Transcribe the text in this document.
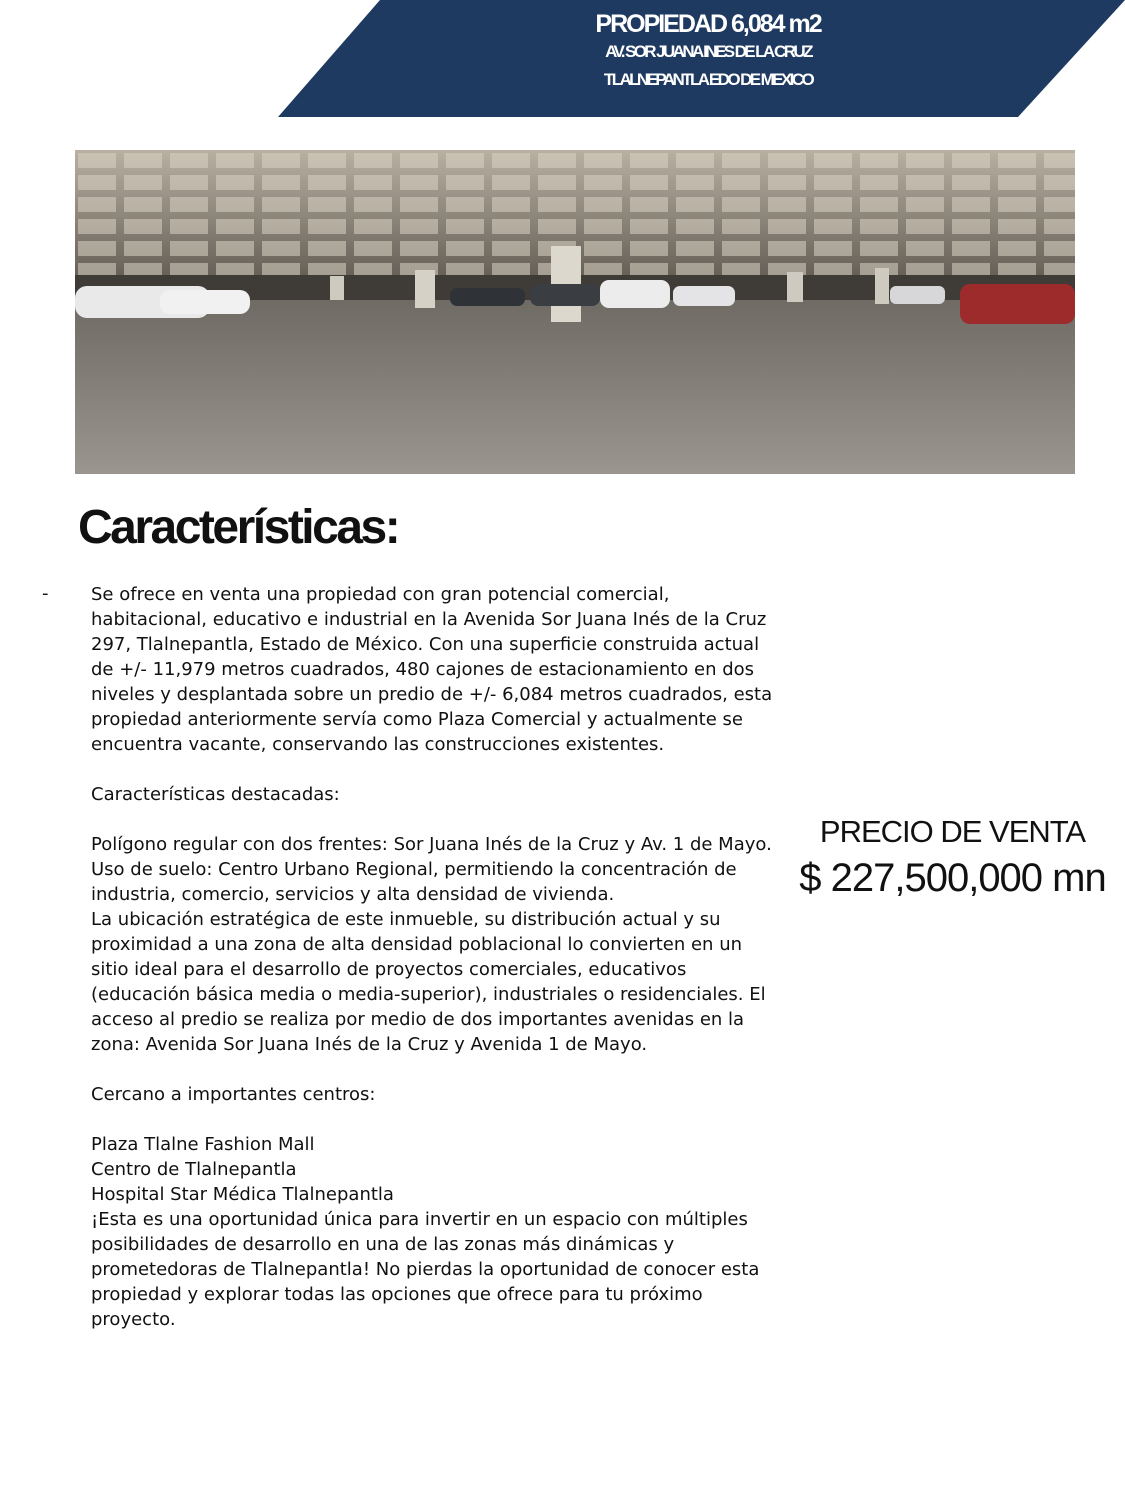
PROPIEDAD 6,084 m2
AV. SOR JUANA INES DE LA CRUZ
TLALNEPANTLA EDO DE MEXICO
Características:
- Se ofrece en venta una propiedad con gran potencial comercial, habitacional, educativo e industrial en la Avenida Sor Juana Inés de la Cruz 297, Tlalnepantla, Estado de México. Con una superficie construida actual de +/- 11,979 metros cuadrados, 480 cajones de estacionamiento en dos niveles y desplantada sobre un predio de +/- 6,084 metros cuadrados, esta propiedad anteriormente servía como Plaza Comercial y actualmente se encuentra vacante, conservando las construcciones existentes.

Características destacadas:

Polígono regular con dos frentes: Sor Juana Inés de la Cruz y Av. 1 de Mayo.

Uso de suelo: Centro Urbano Regional, permitiendo la concentración de industria, comercio, servicios y alta densidad de vivienda.

La ubicación estratégica de este inmueble, su distribución actual y su proximidad a una zona de alta densidad poblacional lo convierten en un sitio ideal para el desarrollo de proyectos comerciales, educativos (educación básica media o media-superior), industriales o residenciales. El acceso al predio se realiza por medio de dos importantes avenidas en la zona: Avenida Sor Juana Inés de la Cruz y Avenida 1 de Mayo.

Cercano a importantes centros:

Plaza Tlalne Fashion Mall

Centro de Tlalnepantla

Hospital Star Médica Tlalnepantla

¡Esta es una oportunidad única para invertir en un espacio con múltiples posibilidades de desarrollo en una de las zonas más dinámicas y prometedoras de Tlalnepantla! No pierdas la oportunidad de conocer esta propiedad y explorar todas las opciones que ofrece para tu próximo proyecto.

PRECIO DE VENTA
$ 227,500,000 mn
